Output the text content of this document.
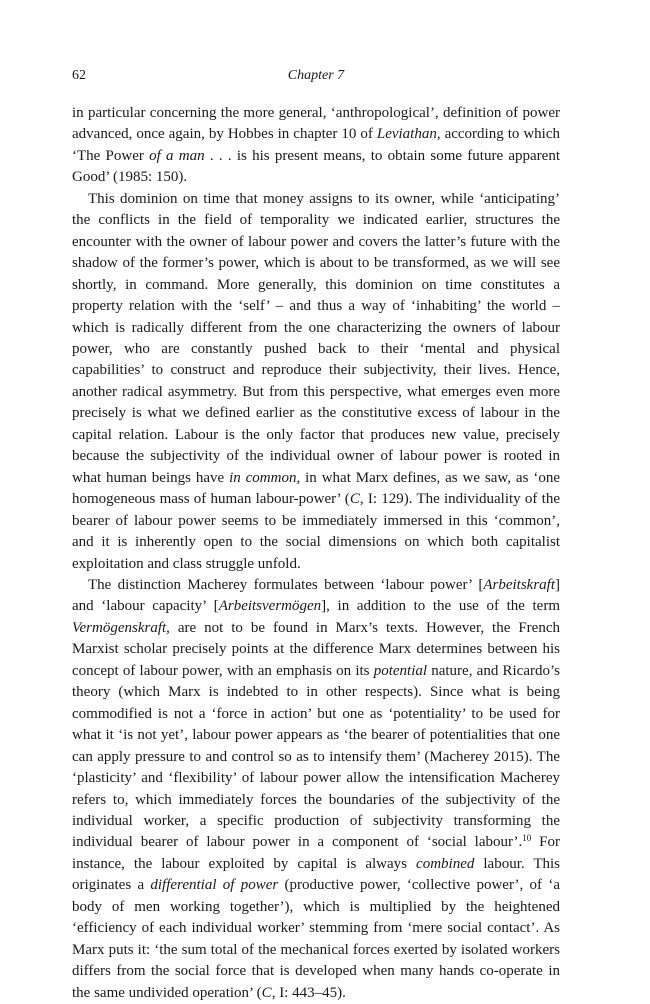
62	Chapter 7

in particular concerning the more general, ‘anthropological’, definition of power advanced, once again, by Hobbes in chapter 10 of Leviathan, according to which ‘The Power of a man . . . is his present means, to obtain some future apparent Good’ (1985: 150).

This dominion on time that money assigns to its owner, while ‘anticipating’ the conflicts in the field of temporality we indicated earlier, structures the encounter with the owner of labour power and covers the latter’s future with the shadow of the former’s power, which is about to be transformed, as we will see shortly, in command. More generally, this dominion on time constitutes a property relation with the ‘self’ – and thus a way of ‘inhabiting’ the world – which is radically different from the one characterizing the owners of labour power, who are constantly pushed back to their ‘mental and physical capabilities’ to construct and reproduce their subjectivity, their lives. Hence, another radical asymmetry. But from this perspective, what emerges even more precisely is what we defined earlier as the constitutive excess of labour in the capital relation. Labour is the only factor that produces new value, precisely because the subjectivity of the individual owner of labour power is rooted in what human beings have in common, in what Marx defines, as we saw, as ‘one homogeneous mass of human labour-power’ (C, I: 129). The individuality of the bearer of labour power seems to be immediately immersed in this ‘common’, and it is inherently open to the social dimensions on which both capitalist exploitation and class struggle unfold.

The distinction Macherey formulates between ‘labour power’ [Arbeitskraft] and ‘labour capacity’ [Arbeitsvermögen], in addition to the use of the term Vermögenskraft, are not to be found in Marx’s texts. However, the French Marxist scholar precisely points at the difference Marx determines between his concept of labour power, with an emphasis on its potential nature, and Ricardo’s theory (which Marx is indebted to in other respects). Since what is being commodified is not a ‘force in action’ but one as ‘potentiality’ to be used for what it ‘is not yet’, labour power appears as ‘the bearer of potentialities that one can apply pressure to and control so as to intensify them’ (Macherey 2015). The ‘plasticity’ and ‘flexibility’ of labour power allow the intensification Macherey refers to, which immediately forces the boundaries of the subjectivity of the individual worker, a specific production of subjectivity transforming the individual bearer of labour power in a component of ‘social labour’.$^{10}$ For instance, the labour exploited by capital is always combined labour. This originates a differential of power (productive power, ‘collective power’, of ‘a body of men working together’), which is multiplied by the heightened ‘efficiency of each individual worker’ stemming from ‘mere social contact’. As Marx puts it: ‘the sum total of the mechanical forces exerted by isolated workers differs from the social force that is developed when many hands co-operate in the same undivided operation’ (C, I: 443–45).
